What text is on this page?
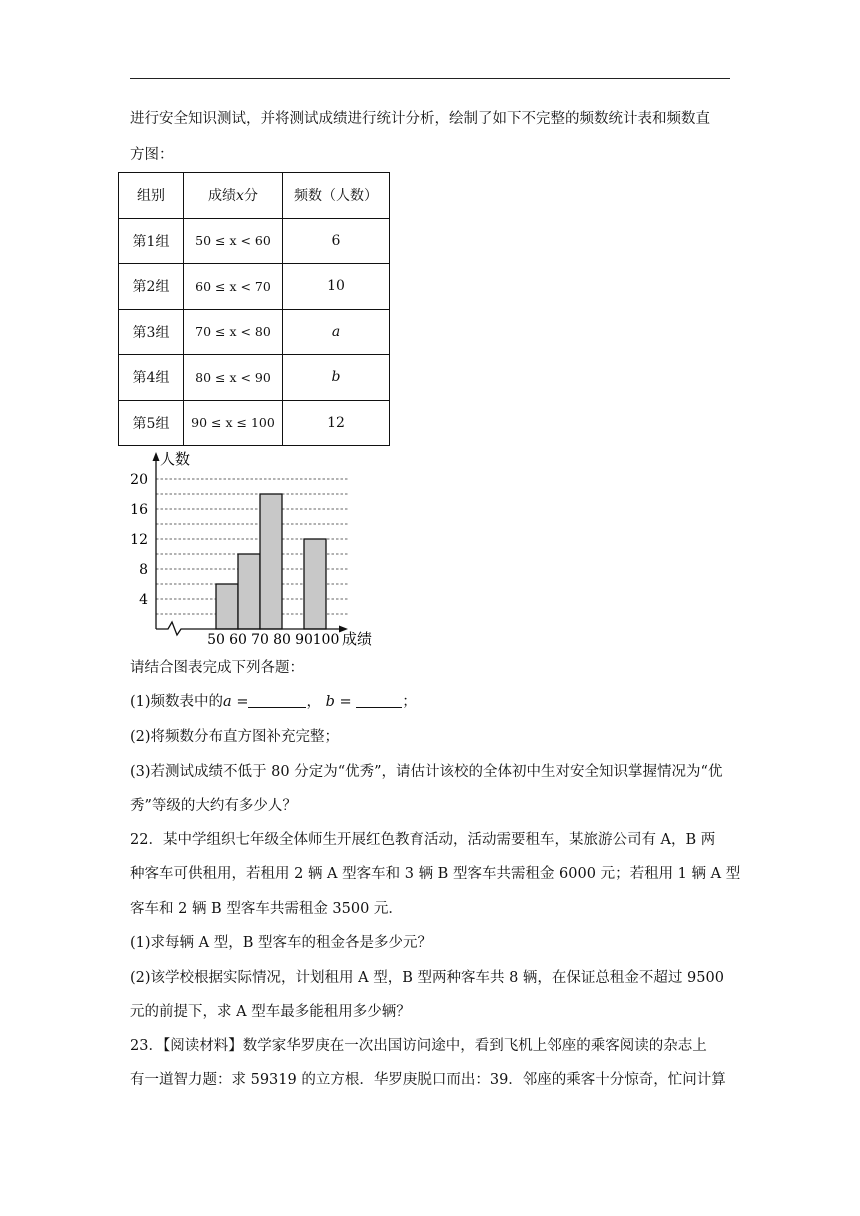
进行安全知识测试，并将测试成绩进行统计分析，绘制了如下不完整的频数统计表和频数直
方图：
组别	成绩x分	频数（人数）
第1组	50 ≤ x < 60	6
第2组	60 ≤ x < 70	10
第3组	70 ≤ x < 80	a
第4组	80 ≤ x < 90	b
第5组	90 ≤ x ≤ 100	12
4
8
12
16
20
50 60 70 80 90 100
人数
成绩
请结合图表完成下列各题：
(1)频数表中的a =	， b =	；
(2)将频数分布直方图补充完整；
(3)若测试成绩不低于 80 分定为“优秀”，请估计该校的全体初中生对安全知识掌握情况为“优
秀”等级的大约有多少人？
22．某中学组织七年级全体师生开展红色教育活动，活动需要租车，某旅游公司有 A，B 两
种客车可供租用，若租用 2 辆 A 型客车和 3 辆 B 型客车共需租金 6000 元；若租用 1 辆 A 型
客车和 2 辆 B 型客车共需租金 3500 元．
(1)求每辆 A 型，B 型客车的租金各是多少元？
(2)该学校根据实际情况，计划租用 A 型，B 型两种客车共 8 辆，在保证总租金不超过 9500
元的前提下，求 A 型车最多能租用多少辆？
23．【阅读材料】数学家华罗庚在一次出国访问途中，看到飞机上邻座的乘客阅读的杂志上
有一道智力题：求 59319 的立方根．华罗庚脱口而出：39．邻座的乘客十分惊奇，忙问计算
